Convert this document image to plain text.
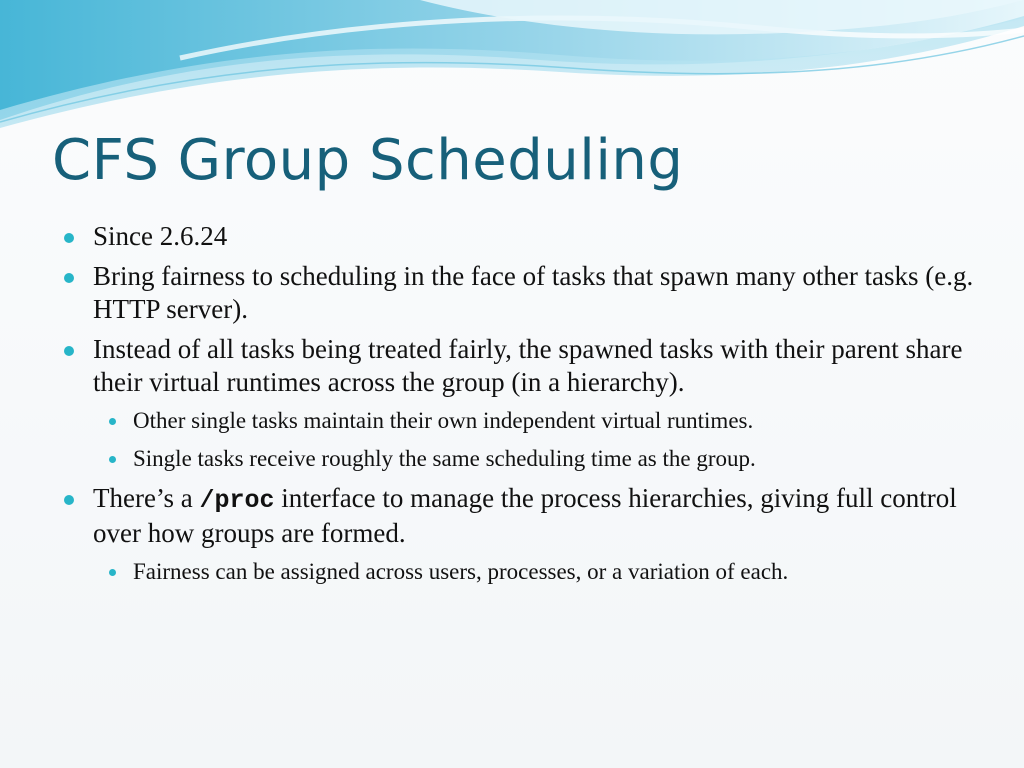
CFS Group Scheduling
Since 2.6.24
Bring fairness to scheduling in the face of tasks that spawn many other tasks (e.g. HTTP server).
Instead of all tasks being treated fairly, the spawned tasks with their parent share their virtual runtimes across the group (in a hierarchy).
Other single tasks maintain their own independent virtual runtimes.
Single tasks receive roughly the same scheduling time as the group.
There’s a /proc interface to manage the process hierarchies, giving full control over how groups are formed.
Fairness can be assigned across users, processes, or a variation of each.
